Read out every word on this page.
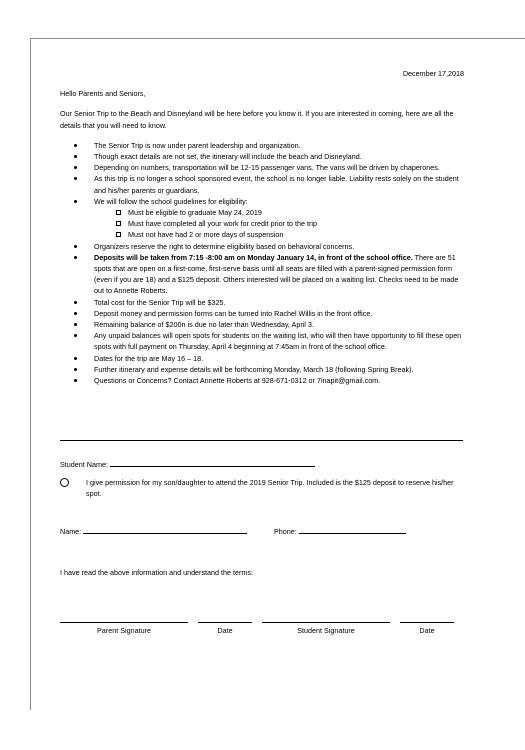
December 17,2018
Hello Parents and Seniors,
Our Senior Trip to the Beach and Disneyland will be here before you know it. If you are interested in coming, here are all the details that you will need to know.
The Senior Trip is now under parent leadership and organization.
Though exact details are not set, the itinerary will include the beach and Disneyland.
Depending on numbers, transportation will be 12-15 passenger vans. The vans will be driven by chaperones.
As this trip is no longer a school sponsored event, the school is no longer liable. Liability rests solely on the student and his/her parents or guardians.
We will follow the school guidelines for eligibility:
Must be eligible to graduate May 24, 2019
Must have completed all your work for credit prior to the trip
Must not have had 2 or more days of suspension
Organizers reserve the right to determine eligibility based on behavioral concerns.
Deposits will be taken from 7:15 -8:00 am on Monday January 14, in front of the school office. There are 51 spots that are open on a first-come, first-serve basis until all seats are filled with a parent-signed permission form (even if you are 18) and a $125 deposit. Others interested will be placed on a waiting list. Checks need to be made out to Annette Roberts.
Total cost for the Senior Trip will be $325.
Deposit money and permission forms can be turned into Rachel Willis in the front office.
Remaining balance of $200n is due no later than Wednesday, April 3.
Any unpaid balances will open spots for students on the waiting list, who will then have opportunity to fill these open spots with full payment on Thursday, April 4 beginning at 7:45am in front of the school office.
Dates for the trip are May 16 – 18.
Further itinerary and expense details will be forthcoming Monday, March 18 (following Spring Break).
Questions or Concerns? Contact Annette Roberts at 928-671-0312 or 7inapit@gmail.com.
Student Name:
I give permission for my son/daughter to attend the 2019 Senior Trip. Included is the $125 deposit to reserve his/her spot.
Name:	Phone:
I have read the above information and understand the terms:
Parent Signature	Date	Student Signature	Date
